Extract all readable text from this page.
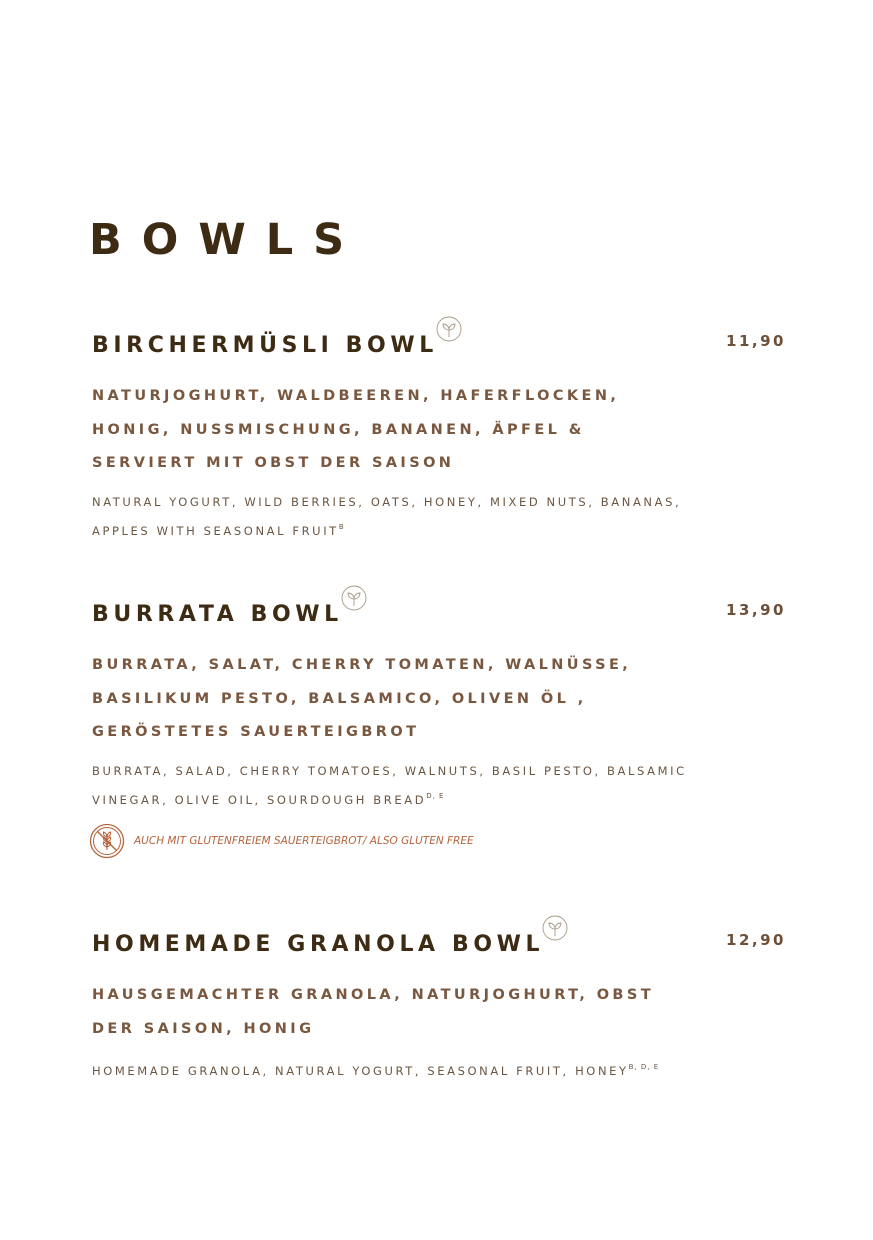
BOWLS
BIRCHERMÜSLI BOWL	11,90
NATURJOGHURT, WALDBEEREN, HAFERFLOCKEN, HONIG, NUSSMISCHUNG, BANANEN, ÄPFEL & SERVIERT MIT OBST DER SAISON
NATURAL YOGURT, WILD BERRIES, OATS, HONEY, MIXED NUTS, BANANAS, APPLES WITH SEASONAL $FRUIT^B$
BURRATA BOWL	13,90
BURRATA, SALAT, CHERRY TOMATEN, WALNÜSSE, BASILIKUM PESTO, BALSAMICO, OLIVEN ÖL , GERÖSTETES SAUERTEIGBROT
BURRATA, SALAD, CHERRY TOMATOES, WALNUTS, BASIL PESTO, BALSAMIC VINEGAR, OLIVE OIL, SOURDOUGH $BREAD^{D, E}$
AUCH MIT GLUTENFREIEM SAUERTEIGBROT/ ALSO GLUTEN FREE
HOMEMADE GRANOLA BOWL	12,90
HAUSGEMACHTER GRANOLA, NATURJOGHURT, OBST DER SAISON, HONIG
HOMEMADE GRANOLA, NATURAL YOGURT, SEASONAL FRUIT, $HONEY^{B, D, E}$
